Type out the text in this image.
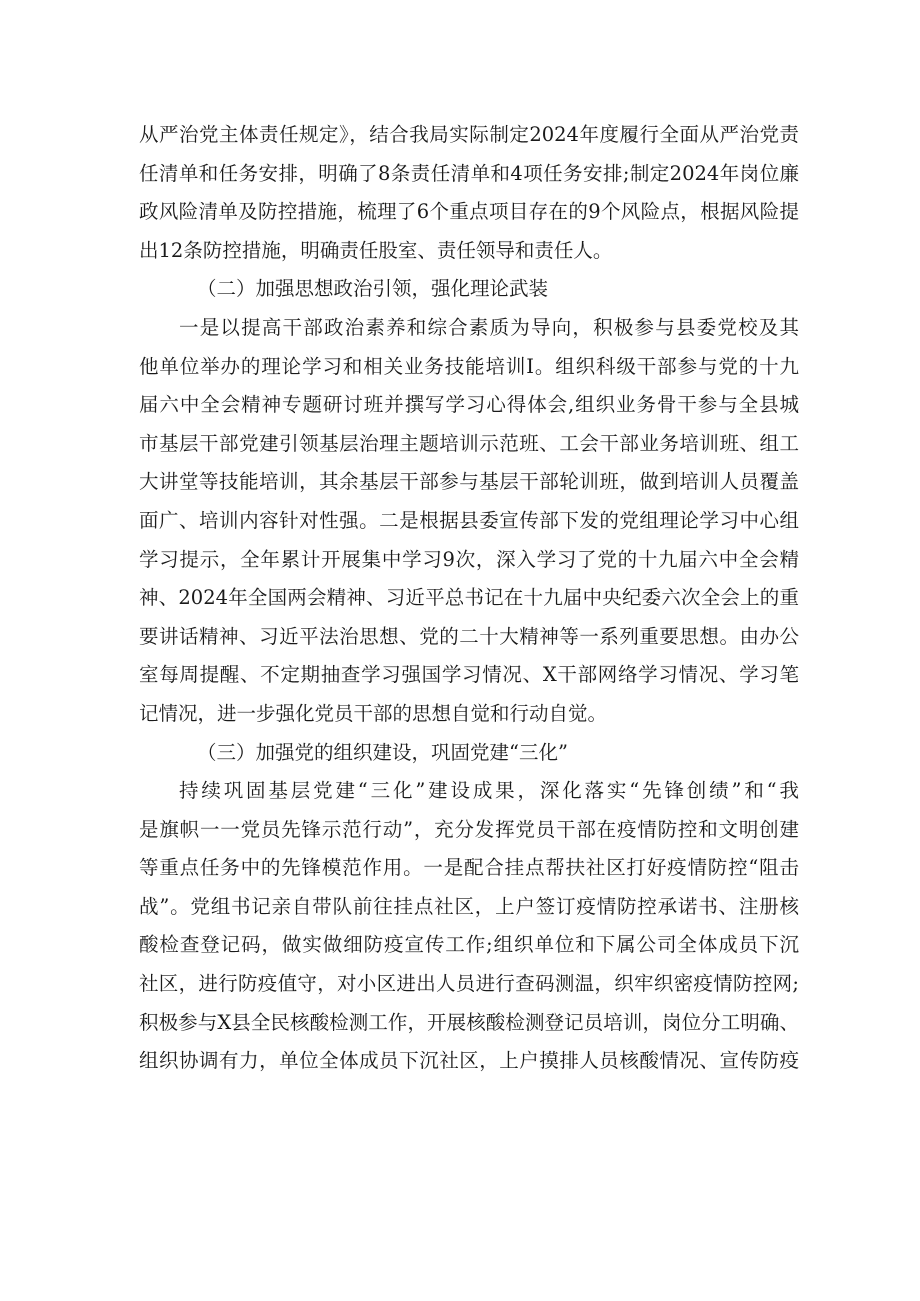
从严治党主体责任规定》，结合我局实际制定2024年度履行全面从严治党责
任清单和任务安排，明确了8条责任清单和4项任务安排;制定2024年岗位廉
政风险清单及防控措施，梳理了6个重点项目存在的9个风险点，根据风险提
出12条防控措施，明确责任股室、责任领导和责任人。
（二）加强思想政治引领，强化理论武装
一是以提高干部政治素养和综合素质为导向，积极参与县委党校及其
他单位举办的理论学习和相关业务技能培训I。组织科级干部参与党的十九
届六中全会精神专题研讨班并撰写学习心得体会,组织业务骨干参与全县城
市基层干部党建引领基层治理主题培训示范班、工会干部业务培训班、组工
大讲堂等技能培训，其余基层干部参与基层干部轮训班，做到培训人员覆盖
面广、培训内容针对性强。二是根据县委宣传部下发的党组理论学习中心组
学习提示，全年累计开展集中学习9次，深入学习了党的十九届六中全会精
神、2024年全国两会精神、习近平总书记在十九届中央纪委六次全会上的重
要讲话精神、习近平法治思想、党的二十大精神等一系列重要思想。由办公
室每周提醒、不定期抽查学习强国学习情况、X干部网络学习情况、学习笔
记情况，进一步强化党员干部的思想自觉和行动自觉。
（三）加强党的组织建设，巩固党建“三化”
持续巩固基层党建“三化”建设成果，深化落实“先锋创绩”和“我
是旗帜一一党员先锋示范行动”，充分发挥党员干部在疫情防控和文明创建
等重点任务中的先锋模范作用。一是配合挂点帮扶社区打好疫情防控“阻击
战”。党组书记亲自带队前往挂点社区，上户签订疫情防控承诺书、注册核
酸检查登记码，做实做细防疫宣传工作;组织单位和下属公司全体成员下沉
社区，进行防疫值守，对小区进出人员进行查码测温，织牢织密疫情防控网;
积极参与X县全民核酸检测工作，开展核酸检测登记员培训，岗位分工明确、
组织协调有力，单位全体成员下沉社区，上户摸排人员核酸情况、宣传防疫
